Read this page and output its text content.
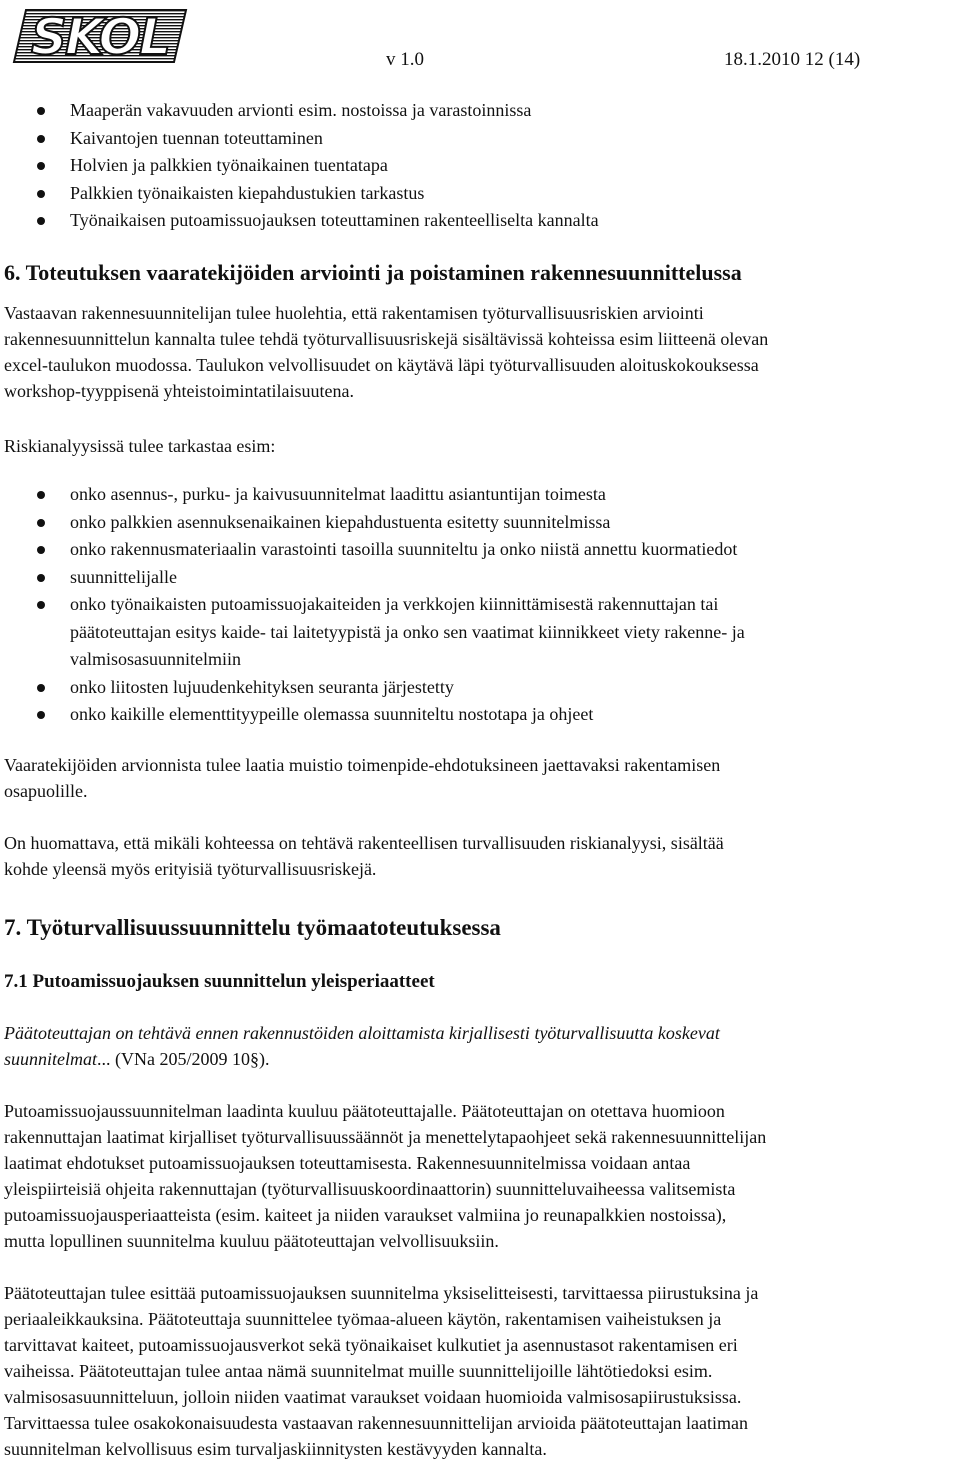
SKOL	v 1.0	18.1.2010 12 (14)
Maaperän vakavuuden arvionti esim. nostoissa ja varastoinnissa
Kaivantojen tuennan toteuttaminen
Holvien ja palkkien työnaikainen tuentatapa
Palkkien työnaikaisten kiepahdustukien tarkastus
Työnaikaisen putoamissuojauksen toteuttaminen rakenteelliselta kannalta
6. Toteutuksen vaaratekijöiden arviointi ja poistaminen rakennesuunnittelussa
Vastaavan rakennesuunnitelijan tulee huolehtia, että rakentamisen työturvallisuusriskien arviointi
rakennesuunnittelun kannalta tulee tehdä työturvallisuusriskejä sisältävissä kohteissa esim liitteenä olevan
excel-taulukon muodossa. Taulukon velvollisuudet on käytävä läpi työturvallisuuden aloituskokouksessa
workshop-tyyppisenä yhteistoimintatilaisuutena.
Riskianalyysissä tulee tarkastaa esim:
onko asennus-, purku- ja kaivusuunnitelmat laadittu asiantuntijan toimesta
onko palkkien asennuksenaikainen kiepahdustuenta esitetty suunnitelmissa
onko rakennusmateriaalin varastointi tasoilla suunniteltu ja onko niistä annettu kuormatiedot
suunnittelijalle
onko työnaikaisten putoamissuojakaiteiden ja verkkojen kiinnittämisestä rakennuttajan tai
päätoteuttajan esitys kaide- tai laitetyypistä ja onko sen vaatimat kiinnikkeet viety rakenne- ja
valmisosasuunnitelmiin
onko liitosten lujuudenkehityksen seuranta järjestetty
onko kaikille elementtityypeille olemassa suunniteltu nostotapa ja ohjeet
Vaaratekijöiden arvionnista tulee laatia muistio toimenpide-ehdotuksineen jaettavaksi rakentamisen
osapuolille.
On huomattava, että mikäli kohteessa on tehtävä rakenteellisen turvallisuuden riskianalyysi, sisältää
kohde yleensä myös erityisiä työturvallisuusriskejä.
7. Työturvallisuussuunnittelu työmaatoteutuksessa
7.1 Putoamissuojauksen suunnittelun yleisperiaatteet
Päätoteuttajan on tehtävä ennen rakennustöiden aloittamista kirjallisesti työturvallisuutta koskevat
suunnitelmat... (VNa 205/2009 10§).
Putoamissuojaussuunnitelman laadinta kuuluu päätoteuttajalle. Päätoteuttajan on otettava huomioon
rakennuttajan laatimat kirjalliset työturvallisuussäännöt ja menettelytapaohjeet sekä rakennesuunnittelijan
laatimat ehdotukset putoamissuojauksen toteuttamisesta. Rakennesuunnitelmissa voidaan antaa
yleispiirteisiä ohjeita rakennuttajan (työturvallisuuskoordinaattorin) suunnitteluvaiheessa valitsemista
putoamissuojausperiaatteista (esim. kaiteet ja niiden varaukset valmiina jo reunapalkkien nostoissa),
mutta lopullinen suunnitelma kuuluu päätoteuttajan velvollisuuksiin.
Päätoteuttajan tulee esittää putoamissuojauksen suunnitelma yksiselitteisesti, tarvittaessa piirustuksina ja
periaaleikkauksina. Päätoteuttaja suunnittelee työmaa-alueen käytön, rakentamisen vaiheistuksen ja
tarvittavat kaiteet, putoamissuojausverkot sekä työnaikaiset kulkutiet ja asennustasot rakentamisen eri
vaiheissa. Päätoteuttajan tulee antaa nämä suunnitelmat muille suunnittelijoille lähtötiedoksi esim.
valmisosasuunnitteluun, jolloin niiden vaatimat varaukset voidaan huomioida valmisosapiirustuksissa.
Tarvittaessa tulee osakokonaisuudesta vastaavan rakennesuunnittelijan arvioida päätoteuttajan laatiman
suunnitelman kelvollisuus esim turvaljaskiinnitysten kestävyyden kannalta.
